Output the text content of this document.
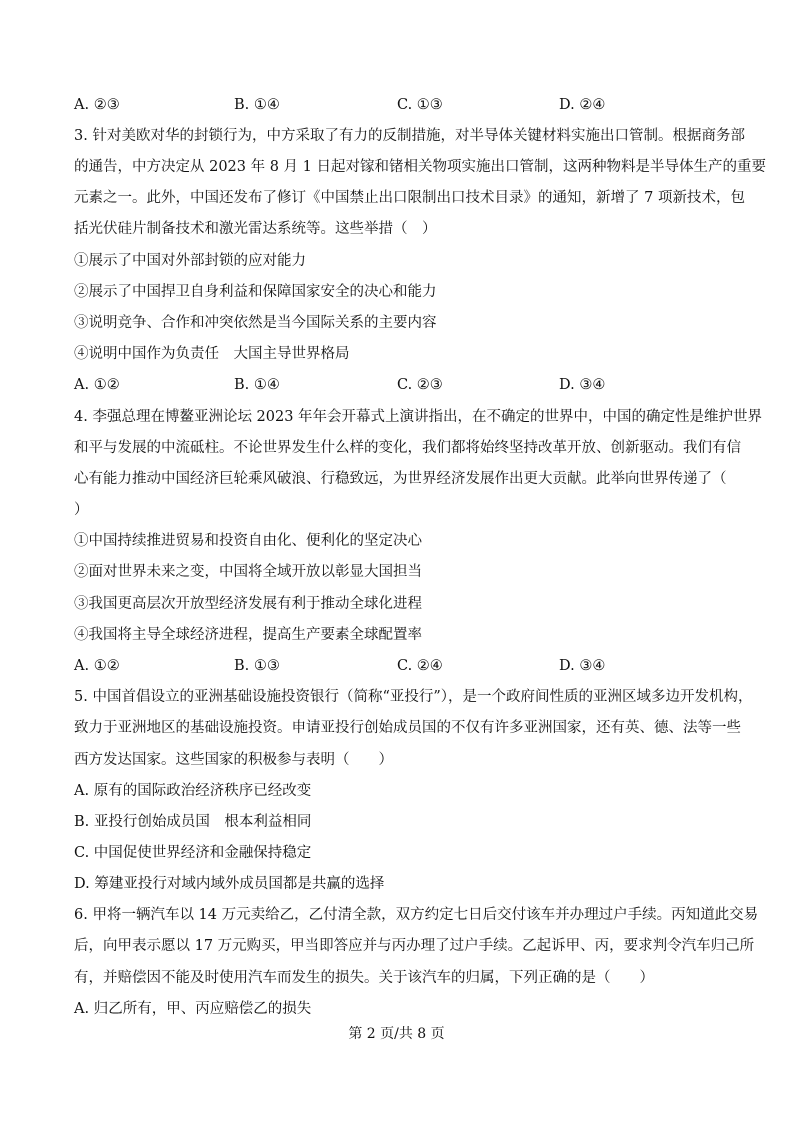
A. ②③	B. ①④	C. ①③	D. ②④
3. 针对美欧对华的封锁行为，中方采取了有力的反制措施，对半导体关键材料实施出口管制。根据商务部
的通告，中方决定从 2023 年 8 月 1 日起对镓和锗相关物项实施出口管制，这两种物料是半导体生产的重要
元素之一。此外，中国还发布了修订《中国禁止出口限制出口技术目录》的通知，新增了 7 项新技术，包
括光伏硅片制备技术和激光雷达系统等。这些举措（　）
①展示了中国对外部封锁的应对能力
②展示了中国捍卫自身利益和保障国家安全的决心和能力
③说明竞争、合作和冲突依然是当今国际关系的主要内容
④说明中国作为负责任　大国主导世界格局
A. ①②	B. ①④	C. ②③	D. ③④
4. 李强总理在博鳌亚洲论坛 2023 年年会开幕式上演讲指出，在不确定的世界中，中国的确定性是维护世界
和平与发展的中流砥柱。不论世界发生什么样的变化，我们都将始终坚持改革开放、创新驱动。我们有信
心有能力推动中国经济巨轮乘风破浪、行稳致远，为世界经济发展作出更大贡献。此举向世界传递了（
）
①中国持续推进贸易和投资自由化、便利化的坚定决心
②面对世界未来之变，中国将全域开放以彰显大国担当
③我国更高层次开放型经济发展有利于推动全球化进程
④我国将主导全球经济进程，提高生产要素全球配置率
A. ①②	B. ①③	C. ②④	D. ③④
5. 中国首倡设立的亚洲基础设施投资银行（简称“亚投行”），是一个政府间性质的亚洲区域多边开发机构，
致力于亚洲地区的基础设施投资。申请亚投行创始成员国的不仅有许多亚洲国家，还有英、德、法等一些
西方发达国家。这些国家的积极参与表明（　　）
A. 原有的国际政治经济秩序已经改变
B. 亚投行创始成员国　根本利益相同
C. 中国促使世界经济和金融保持稳定
D. 筹建亚投行对域内域外成员国都是共赢的选择
6. 甲将一辆汽车以 14 万元卖给乙，乙付清全款，双方约定七日后交付该车并办理过户手续。丙知道此交易
后，向甲表示愿以 17 万元购买，甲当即答应并与丙办理了过户手续。乙起诉甲、丙，要求判令汽车归己所
有，并赔偿因不能及时使用汽车而发生的损失。关于该汽车的归属，下列正确的是（　　）
A. 归乙所有，甲、丙应赔偿乙的损失
第 2 页/共 8 页
